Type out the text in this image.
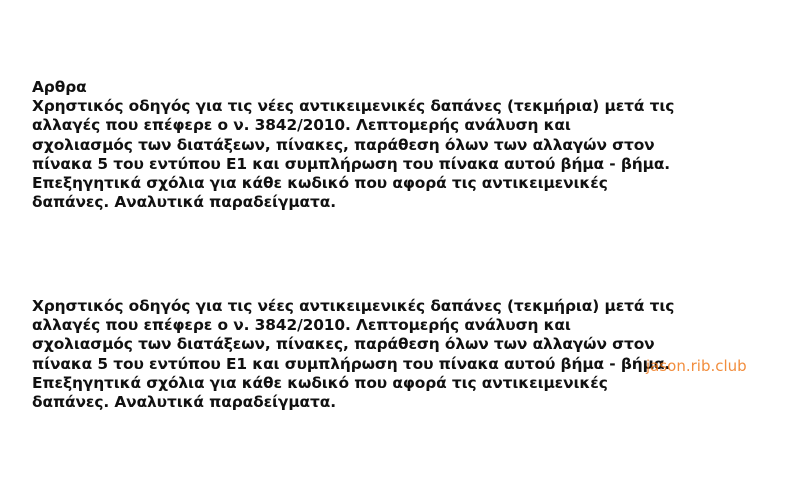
Αρθρα
Χρηστικός οδηγός για τις νέες αντικειμενικές δαπάνες (τεκμήρια) μετά τις
αλλαγές που επέφερε ο ν. 3842/2010. Λεπτομερής ανάλυση και
σχολιασμός των διατάξεων, πίνακες, παράθεση όλων των αλλαγών στον
πίνακα 5 του εντύπου Ε1 και συμπλήρωση του πίνακα αυτού βήμα - βήμα.
Επεξηγητικά σχόλια για κάθε κωδικό που αφορά τις αντικειμενικές
δαπάνες. Αναλυτικά παραδείγματα.
Χρηστικός οδηγός για τις νέες αντικειμενικές δαπάνες (τεκμήρια) μετά τις
αλλαγές που επέφερε ο ν. 3842/2010. Λεπτομερής ανάλυση και
σχολιασμός των διατάξεων, πίνακες, παράθεση όλων των αλλαγών στον
πίνακα 5 του εντύπου Ε1 και συμπλήρωση του πίνακα αυτού βήμα - βήμα.
Επεξηγητικά σχόλια για κάθε κωδικό που αφορά τις αντικειμενικές
δαπάνες. Αναλυτικά παραδείγματα.
jason.rib.club
